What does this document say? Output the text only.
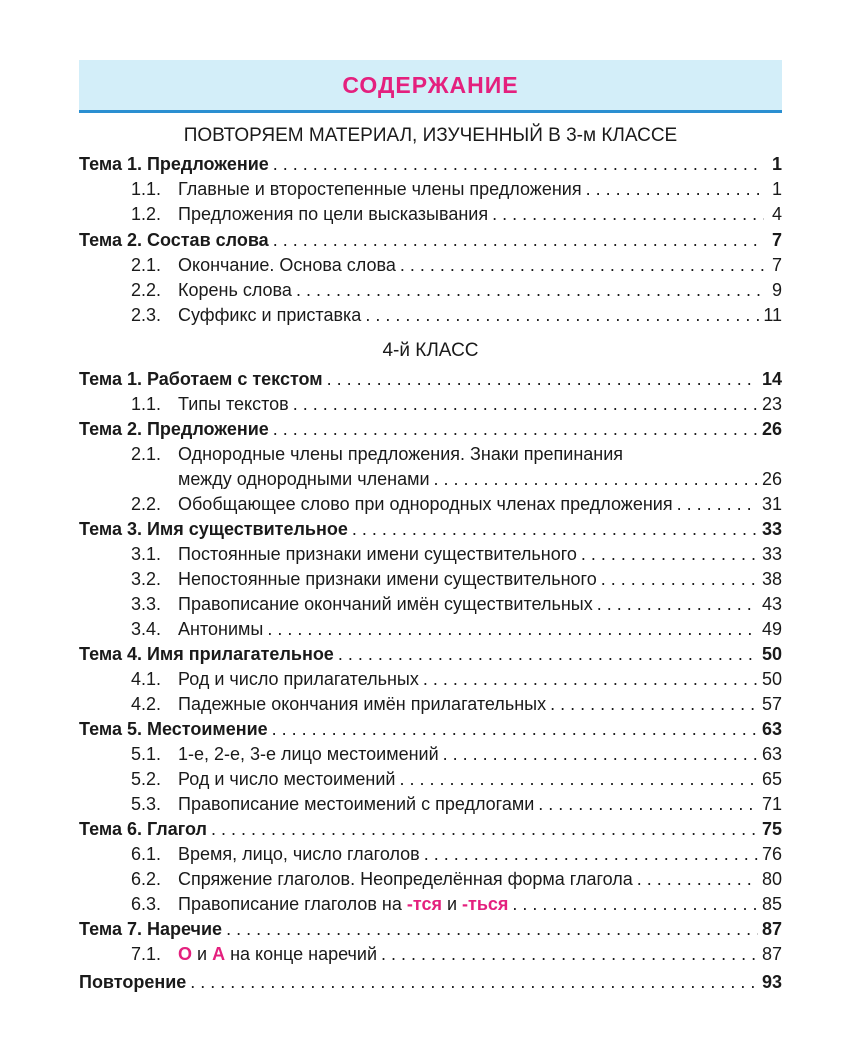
СОДЕРЖАНИЕ
ПОВТОРЯЕМ МАТЕРИАЛ, ИЗУЧЕННЫЙ В 3-м КЛАССЕ
Тема 1. Предложение . . .	1
1.1. Главные и второстепенные члены предложения . . .	1
1.2. Предложения по цели высказывания . . .	4
Тема 2. Состав слова . . .	7
2.1. Окончание. Основа слова . . .	7
2.2. Корень слова . . .	9
2.3. Суффикс и приставка . . .	11
4-й КЛАСС
Тема 1. Работаем с текстом . . .	14
1.1. Типы текстов . . .	23
Тема 2. Предложение . . .	26
2.1. Однородные члены предложения. Знаки препинания
между однородными членами . . .	26
2.2. Обобщающее слово при однородных членах предложения . . .	31
Тема 3. Имя существительное . . .	33
3.1. Постоянные признаки имени существительного . . .	33
3.2. Непостоянные признаки имени существительного . . .	38
3.3. Правописание окончаний имён существительных . . .	43
3.4. Антонимы . . .	49
Тема 4. Имя прилагательное . . .	50
4.1. Род и число прилагательных . . .	50
4.2. Падежные окончания имён прилагательных . . .	57
Тема 5. Местоимение . . .	63
5.1. 1-е, 2-е, 3-е лицо местоимений . . .	63
5.2. Род и число местоимений . . .	65
5.3. Правописание местоимений с предлогами . . .	71
Тема 6. Глагол . . .	75
6.1. Время, лицо, число глаголов . . .	76
6.2. Спряжение глаголов. Неопределённая форма глагола . . .	80
6.3. Правописание глаголов на -тся и -ться . . .	85
Тема 7. Наречие . . .	87
7.1. О и А на конце наречий . . .	87
Повторение . . .	93
